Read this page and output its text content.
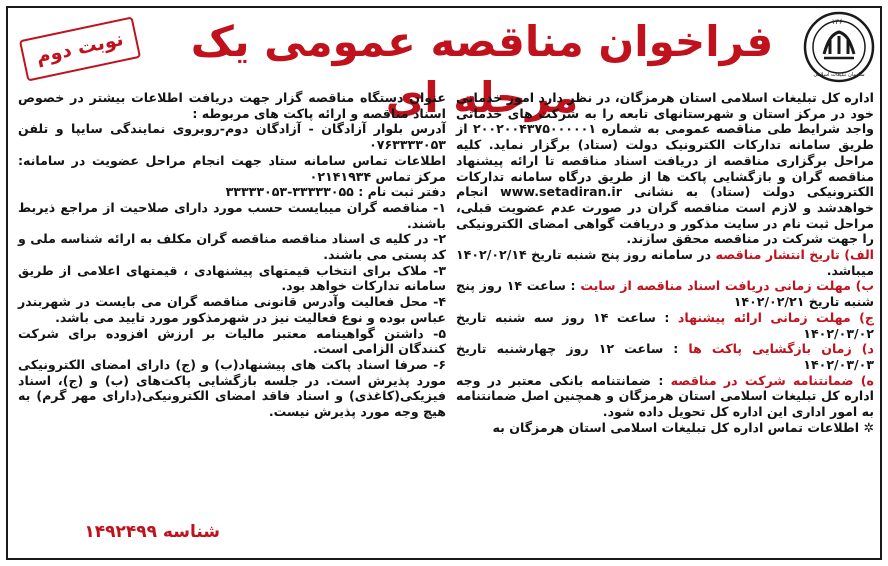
۱۳۶۰
سازمان تبلیغات اسلامی
فراخوان مناقصه عمومی یک مرحله ای
نوبت دوم

اداره کل تبلیغات اسلامی استان هرمزگان، در نظر دارد امور خدماتی خود در مرکز استان و شهرستانهای تابعه را به شرکت های خدماتی واجد شرایط طی مناقصه عمومی به شماره ۲۰۰۲۰۰۴۳۷۵۰۰۰۰۰۱ از طریق سامانه تدارکات الکترونیک دولت (ستاد) برگزار نماید. کلیه مراحل برگزاری مناقصه از دریافت اسناد مناقصه تا ارائه پیشنهاد مناقصه گران و بازگشایی پاکت ها از طریق درگاه سامانه تدارکات الکترونیکی دولت (ستاد) به نشانی www.setadiran.ir انجام خواهدشد و لازم است مناقصه گران در صورت عدم عضویت قبلی، مراحل ثبت نام در سایت مذکور و دریافت گواهی امضای الکترونیکی را جهت شرکت در مناقصه محقق سازند.

الف) تاریخ انتشار مناقصه در سامانه روز پنج شنبه تاریخ ۱۴۰۲/۰۲/۱۴ میباشد.

ب) مهلت زمانی دریافت اسناد مناقصه از سایت : ساعت ۱۴ روز پنج شنبه تاریخ ۱۴۰۲/۰۲/۲۱

ج) مهلت زمانی ارائه پیشنهاد : ساعت ۱۴ روز سه شنبه تاریخ ۱۴۰۲/۰۳/۰۲

د) زمان بازگشایی پاکت ها : ساعت ۱۲ روز چهارشنبه تاریخ ۱۴۰۲/۰۳/۰۳

ه) ضمانتنامه شرکت در مناقصه : ضمانتنامه بانکی معتبر در وجه اداره کل تبلیغات اسلامی استان هرمزگان و همچنین اصل ضمانتنامه به امور اداری این اداره کل تحویل داده شود.

✲ اطلاعات تماس اداره کل تبلیغات اسلامی استان هرمزگان به

عنوان دستگاه مناقصه گزار جهت دریافت اطلاعات بیشتر در خصوص اسناد مناقصه و ارائه پاکت های مربوطه :

آدرس بلوار آزادگان - آزادگان دوم-روبروی نمایندگی سایپا و تلفن ۰۷۶۳۳۳۳۰۵۳

اطلاعات تماس سامانه ستاد جهت انجام مراحل عضویت در سامانه: مرکز تماس ۰۲۱۴۱۹۳۴

دفتر ثبت نام : ۳۳۳۳۳۰۵۵-۳۳۳۳۳۰۵۳

۱- مناقصه گران میبایست حسب مورد دارای صلاحیت از مراجع ذیربط باشند.

۲- در کلیه ی اسناد مناقصه مناقصه گران مکلف به ارائه شناسه ملی و کد پستی می باشند.

۳- ملاک برای انتخاب قیمتهای پیشنهادی ، قیمتهای اعلامی از طریق سامانه تدارکات خواهد بود.

۴- محل فعالیت وآدرس قانونی مناقصه گران می بایست در شهربندر عباس بوده و نوع فعالیت نیز در شهرمذکور مورد تایید می باشد.

۵- داشتن گواهینامه معتبر مالیات بر ارزش افزوده برای شرکت کنندگان الزامی است.

۶- صرفا اسناد پاکت های پیشنهاد(ب) و (ج) دارای امضای الکترونیکی مورد پذیرش است. در جلسه بازگشایی پاکت‌های (ب) و (ج)، اسناد فیزیکی(کاغذی) و اسناد فاقد امضای الکترونیکی(دارای مهر گرم) به هیچ وجه مورد پذیرش نیست.

شناسه ۱۴۹۲۴۹۹
